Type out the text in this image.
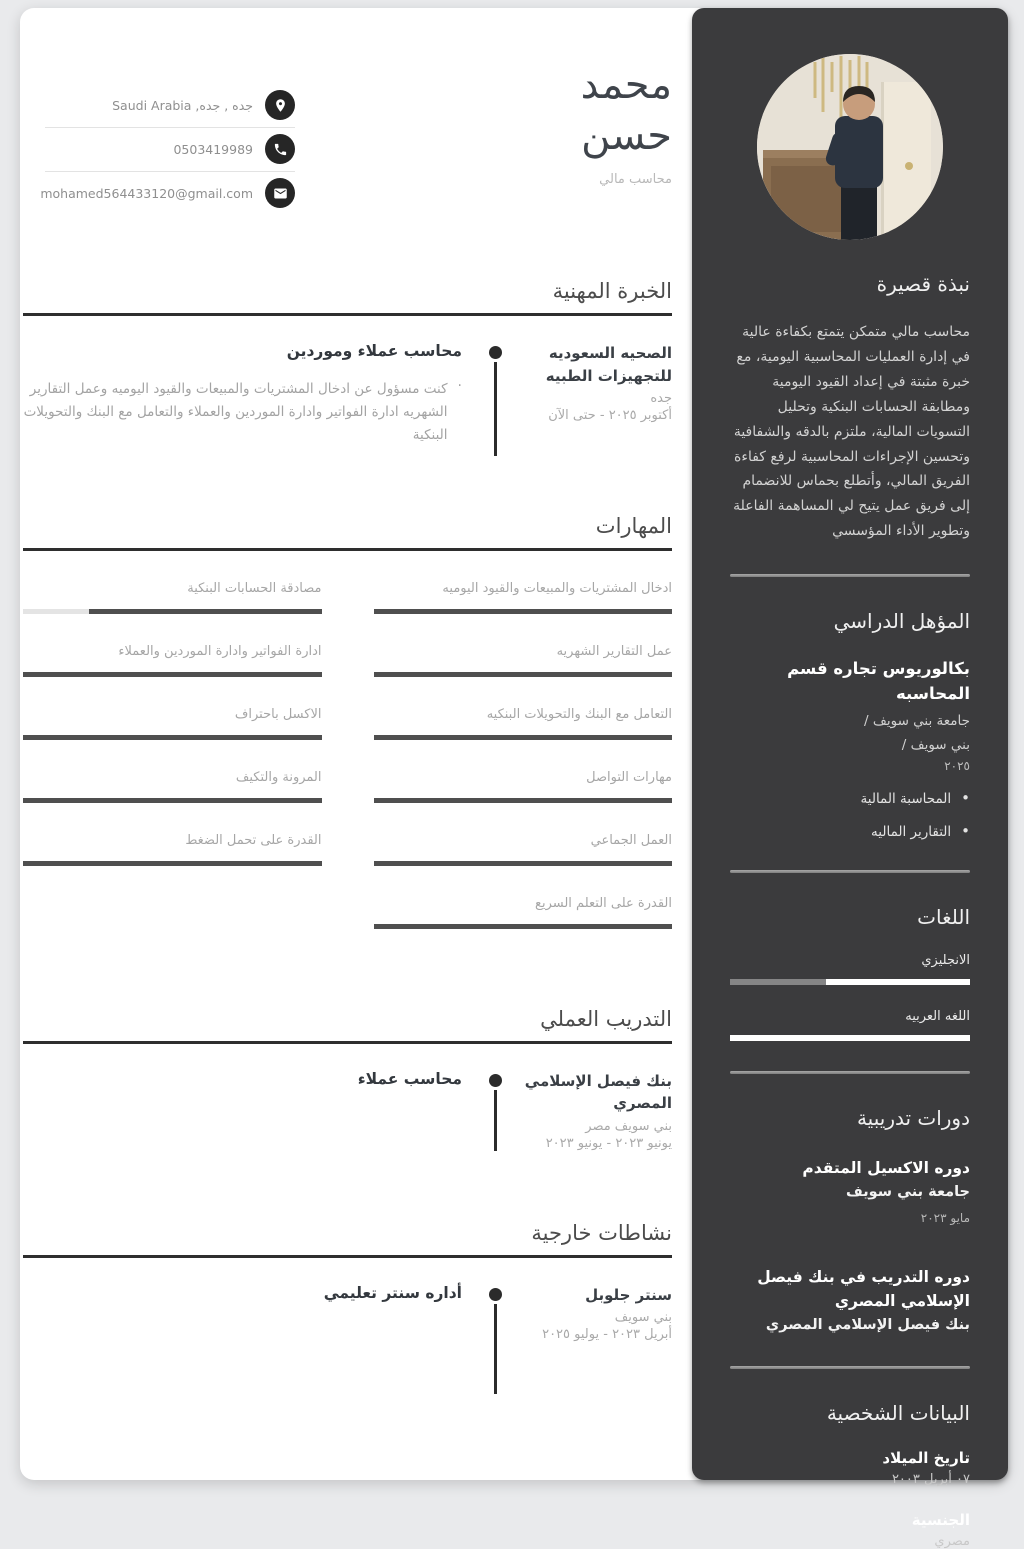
نبذة قصيرة
محاسب مالي متمكن يتمتع بكفاءة عالية في إدارة العمليات المحاسبية اليومية، مع خبرة مثبتة في إعداد القيود اليومية ومطابقة الحسابات البنكية وتحليل التسويات المالية، ملتزم بالدقه والشفافية وتحسين الإجراءات المحاسبية لرفع كفاءة الفريق المالي، وأتطلع بحماس للانضمام إلى فريق عمل يتيح لي المساهمة الفاعلة وتطوير الأداء المؤسسي
المؤهل الدراسي
بكالوريوس تجاره قسم المحاسبه
جامعة بني سويف /
بني سويف /
٢٠٢٥
•
المحاسبة المالية
•
التقارير الماليه
اللغات
الانجليزي
اللغه العربيه
دورات تدريبية
دوره الاكسيل المتقدم
جامعة بني سويف
مايو ٢٠٢٣
دوره التدريب في بنك فيصل الإسلامي المصري
بنك فيصل الإسلامي المصري
البيانات الشخصية
تاريخ الميلاد
٠٧ أبريل ٢٠٠٣
الجنسية
مصري
محمد
حسن
محاسب مالي
جده , جده, Saudi Arabia
0503419989
mohamed564433120@gmail.com
الخبرة المهنية
الصحيه السعوديه للتجهيزات الطبيه
جده
أكتوبر ٢٠٢٥ - حتى الآن
محاسب عملاء وموردين
·
كنت مسؤول عن ادخال المشتريات والمبيعات والقيود اليوميه وعمل التقارير الشهريه ادارة الفواتير وادارة الموردين والعملاء والتعامل مع البنك والتحويلات البنكية
المهارات
ادخال المشتريات والمبيعات والقيود اليوميه
مصادقة الحسابات البنكية
عمل التقارير الشهريه
ادارة الفواتير وادارة الموردين والعملاء
التعامل مع البنك والتحويلات البنكيه
الاكسل باحتراف
مهارات التواصل
المرونة والتكيف
العمل الجماعي
القدرة على تحمل الضغط
القدرة على التعلم السريع
التدريب العملي
بنك فيصل الإسلامي المصري
بني سويف مصر
يونيو ٢٠٢٣ - يونيو ٢٠٢٣
محاسب عملاء
نشاطات خارجية
سنتر جلوبل
بني سويف
أبريل ٢٠٢٣ - يوليو ٢٠٢٥
أداره سنتر تعليمي
